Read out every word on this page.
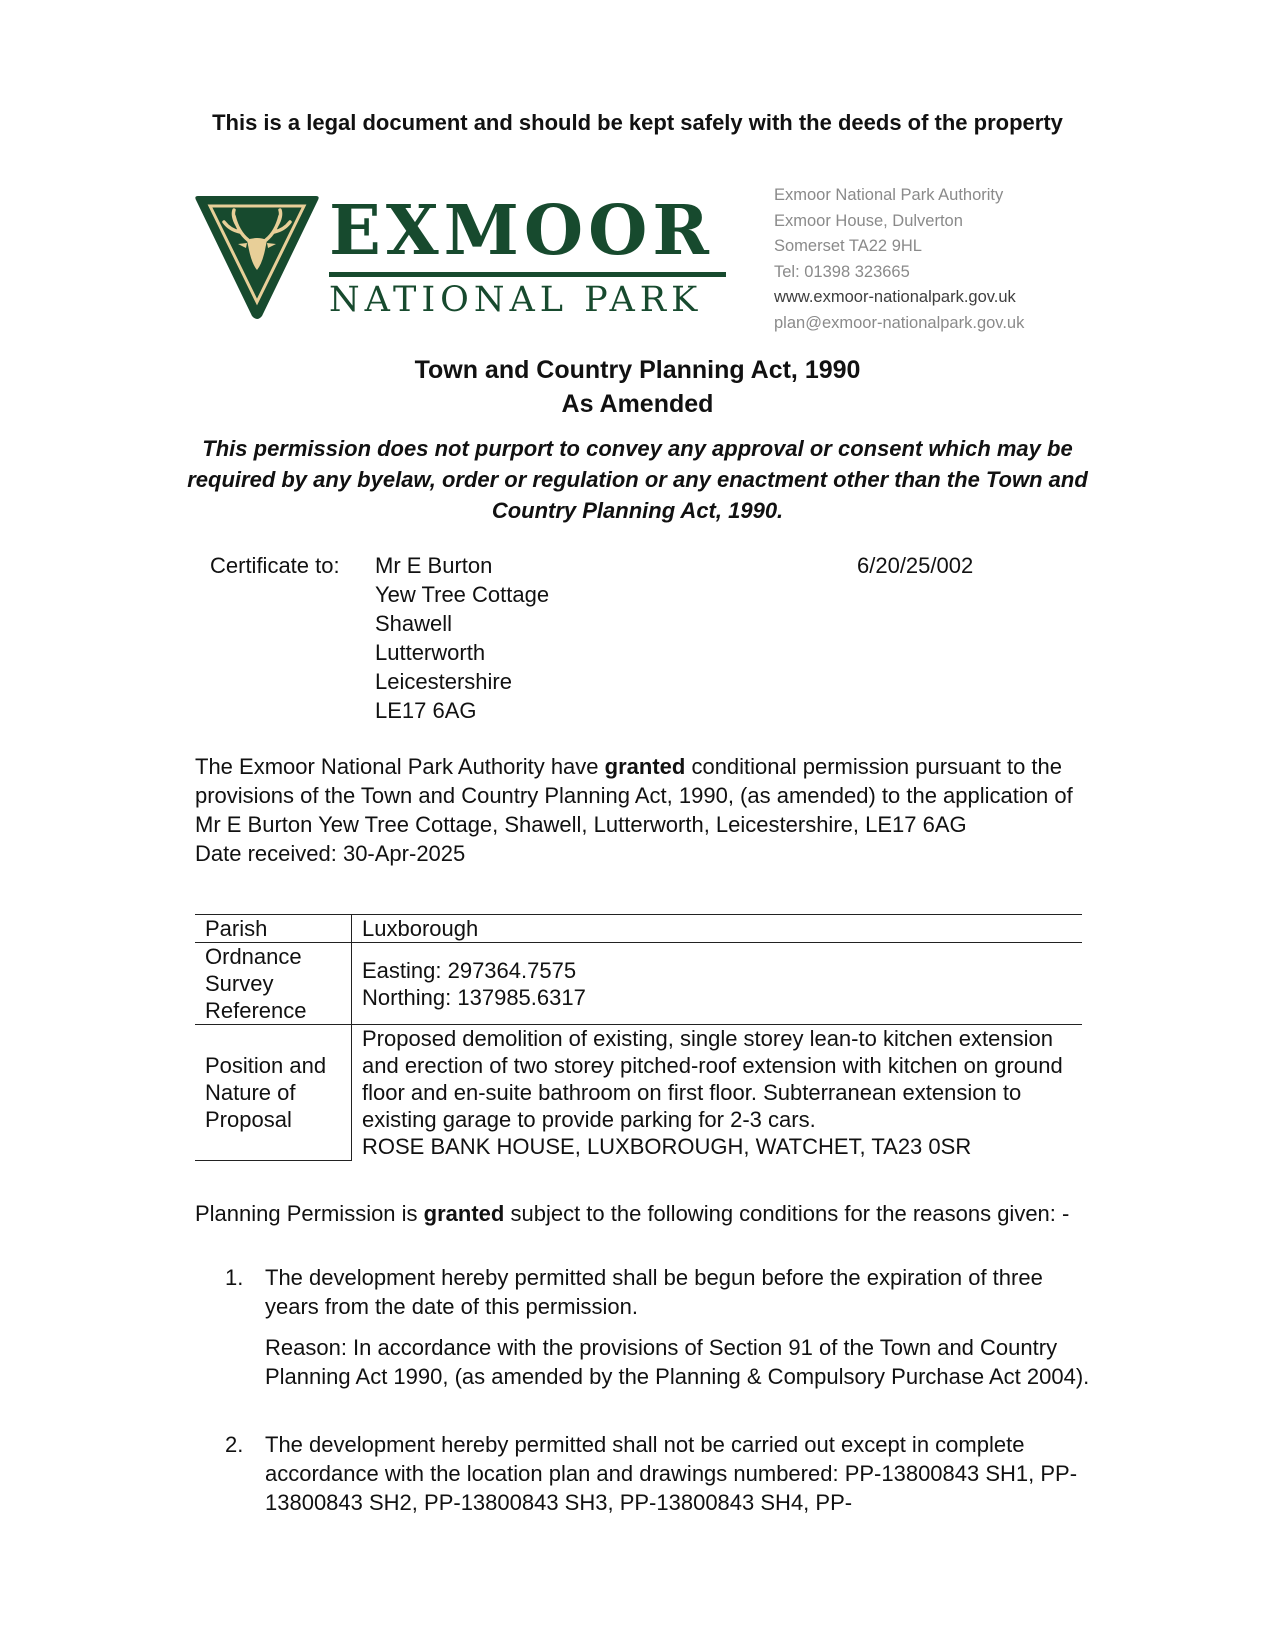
This is a legal document and should be kept safely with the deeds of the property
EXMOOR
NATIONAL PARK
Exmoor National Park Authority
Exmoor House, Dulverton
Somerset TA22 9HL
Tel: 01398 323665
www.exmoor-nationalpark.gov.uk
plan@exmoor-nationalpark.gov.uk
Town and Country Planning Act, 1990
As Amended
This permission does not purport to convey any approval or consent which may be required by any byelaw, order or regulation or any enactment other than the Town and Country Planning Act, 1990.
Certificate to: Mr E Burton
Yew Tree Cottage
Shawell
Lutterworth
Leicestershire
LE17 6AG
6/20/25/002
The Exmoor National Park Authority have granted conditional permission pursuant to the provisions of the Town and Country Planning Act, 1990, (as amended) to the application of Mr E Burton Yew Tree Cottage, Shawell, Lutterworth, Leicestershire, LE17 6AG
Date received: 30-Apr-2025
Parish	Luxborough
Ordnance Survey Reference	Easting: 297364.7575
Northing: 137985.6317

Position and Nature of Proposal	Proposed demolition of existing, single storey lean-to kitchen extension and erection of two storey pitched-roof extension with kitchen on ground floor and en-suite bathroom on first floor. Subterranean extension to existing garage to provide parking for 2-3 cars.
ROSE BANK HOUSE, LUXBOROUGH, WATCHET, TA23 0SR
Planning Permission is granted subject to the following conditions for the reasons given: -
1. The development hereby permitted shall be begun before the expiration of three years from the date of this permission.
Reason: In accordance with the provisions of Section 91 of the Town and Country Planning Act 1990, (as amended by the Planning & Compulsory Purchase Act 2004).
2. The development hereby permitted shall not be carried out except in complete accordance with the location plan and drawings numbered: PP-13800843 SH1, PP-13800843 SH2, PP-13800843 SH3, PP-13800843 SH4, PP-
